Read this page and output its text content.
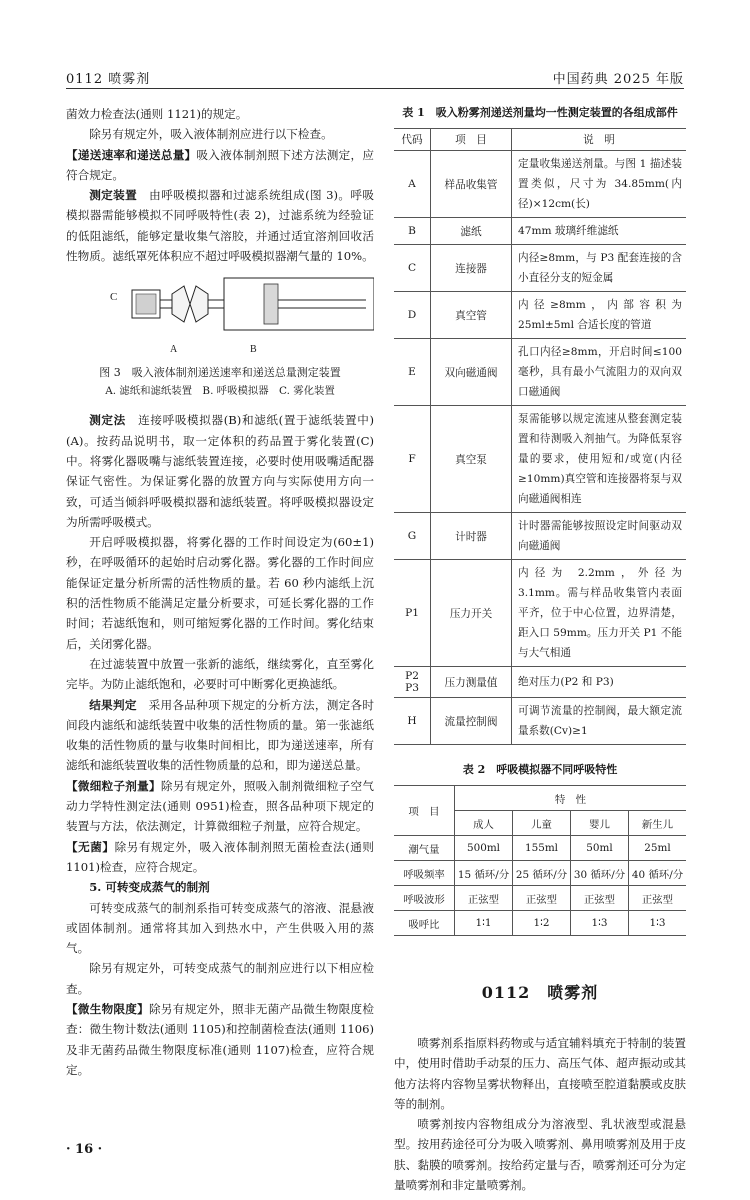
0112 喷雾剂	中国药典 2025 年版

菌效力检查法(通则 1121)的规定。

除另有规定外，吸入液体制剂应进行以下检查。

【递送速率和递送总量】吸入液体制剂照下述方法测定，应符合规定。

测定装置　 由呼吸模拟器和过滤系统组成(图 3)。呼吸模拟器需能够模拟不同呼吸特性(表 2)，过滤系统为经验证的低阻滤纸，能够定量收集气溶胶，并通过适宜溶剂回收活性物质。滤纸罩死体积应不超过呼吸模拟器潮气量的 10%。

C
A	B
图 3　吸入液体制剂递送速率和递送总量测定装置
A. 滤纸和滤纸装置　B. 呼吸模拟器　C. 雾化装置

测定法　 连接呼吸模拟器(B)和滤纸(置于滤纸装置中)(A)。按药品说明书，取一定体积的药品置于雾化装置(C)中。将雾化器吸嘴与滤纸装置连接，必要时使用吸嘴适配器保证气密性。为保证雾化器的放置方向与实际使用方向一致，可适当倾斜呼吸模拟器和滤纸装置。将呼吸模拟器设定为所需呼吸模式。

开启呼吸模拟器，将雾化器的工作时间设定为(60±1)秒，在呼吸循环的起始时启动雾化器。雾化器的工作时间应能保证定量分析所需的活性物质的量。若 60 秒内滤纸上沉积的活性物质不能满足定量分析要求，可延长雾化器的工作时间；若滤纸饱和，则可缩短雾化器的工作时间。雾化结束后，关闭雾化器。

在过滤装置中放置一张新的滤纸，继续雾化，直至雾化完毕。为防止滤纸饱和，必要时可中断雾化更换滤纸。

结果判定　 采用各品种项下规定的分析方法，测定各时间段内滤纸和滤纸装置中收集的活性物质的量。第一张滤纸收集的活性物质的量与收集时间相比，即为递送速率，所有滤纸和滤纸装置收集的活性物质量的总和，即为递送总量。

【微细粒子剂量】除另有规定外，照吸入制剂微细粒子空气动力学特性测定法(通则 0951)检查，照各品种项下规定的装置与方法，依法测定，计算微细粒子剂量，应符合规定。

【无菌】除另有规定外，吸入液体制剂照无菌检查法(通则 1101)检查，应符合规定。

5. 可转变成蒸气的制剂

可转变成蒸气的制剂系指可转变成蒸气的溶液、混悬液或固体制剂。通常将其加入到热水中，产生供吸入用的蒸气。

除另有规定外，可转变成蒸气的制剂应进行以下相应检查。

【微生物限度】除另有规定外，照非无菌产品微生物限度检查：微生物计数法(通则 1105)和控制菌检查法(通则 1106)及非无菌药品微生物限度标准(通则 1107)检查，应符合规定。

表 1　吸入粉雾剂递送剂量均一性测定装置的各组成部件
代码	项　目	说　明
A	样品收集管	定量收集递送剂量。与图 1 描述装置类似，尺寸为 34.85mm(内径)×12cm(长)
B	滤纸	47mm 玻璃纤维滤纸
C	连接器	内径≥8mm，与 P3 配套连接的含小直径分支的短金属
D	真空管	内径≥8mm，内部容积为 25ml±5ml 合适长度的管道
E	双向磁通阀	孔口内径≥8mm，开启时间≤100 毫秒，具有最小气流阻力的双向双口磁通阀
F	真空泵	泵需能够以规定流速从整套测定装置和待测吸入剂抽气。为降低泵容量的要求，使用短和/或宽(内径≥10mm)真空管和连接器将泵与双向磁通阀相连
G	计时器	计时器需能够按照设定时间驱动双向磁通阀
P1	压力开关	内径为 2.2mm，外径为 3.1mm。需与样品收集管内表面平齐，位于中心位置，边界清楚，距入口 59mm。压力开关 P1 不能与大气相通
P2
P3	压力测量值	绝对压力(P2 和 P3)
H	流量控制阀	可调节流量的控制阀，最大额定流量系数(Cv)≥1
表 2　呼吸模拟器不同呼吸特性
项　目	特　性			
	成人	儿童	婴儿	新生儿
潮气量	500ml	155ml	50ml	25ml
呼吸频率	15 循环/分	25 循环/分	30 循环/分	40 循环/分
呼吸波形	正弦型	正弦型	正弦型	正弦型
吸呼比	1∶1	1∶2	1∶3	1∶3
0112　喷雾剂

喷雾剂系指原料药物或与适宜辅料填充于特制的装置中，使用时借助手动泵的压力、高压气体、超声振动或其他方法将内容物呈雾状物释出，直接喷至腔道黏膜或皮肤等的制剂。

喷雾剂按内容物组成分为溶液型、乳状液型或混悬型。按用药途径可分为吸入喷雾剂、鼻用喷雾剂及用于皮肤、黏膜的喷雾剂。按给药定量与否，喷雾剂还可分为定量喷雾剂和非定量喷雾剂。

· 16 ·
